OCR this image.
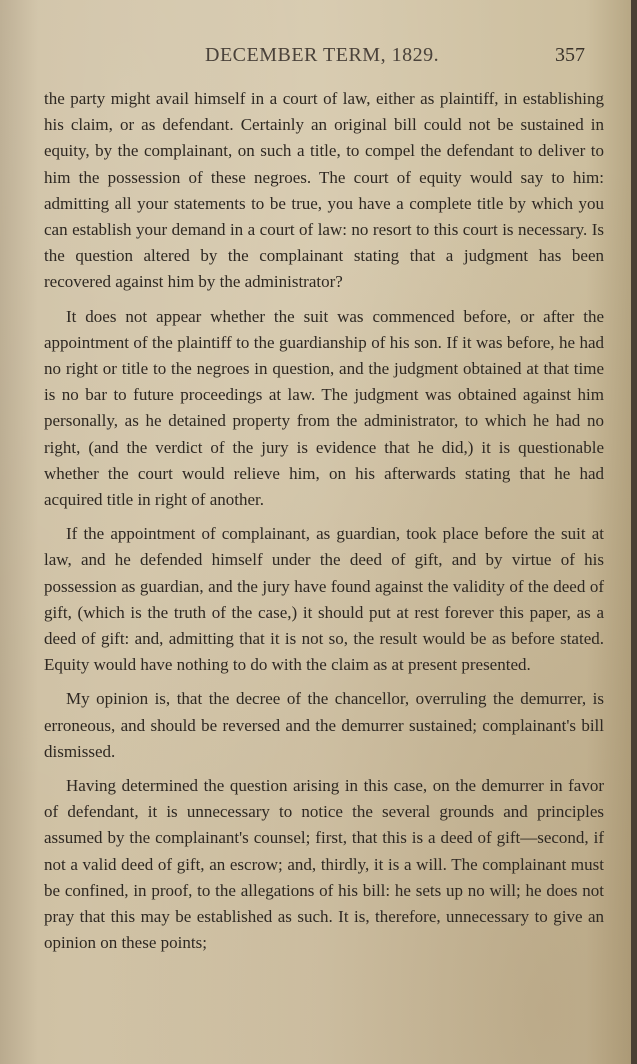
DECEMBER TERM, 1829.	357

the party might avail himself in a court of law, either as plaintiff, in establishing his claim, or as defendant. Certainly an original bill could not be sustained in equity, by the complainant, on such a title, to compel the defendant to deliver to him the possession of these negroes. The court of equity would say to him: admitting all your statements to be true, you have a complete title by which you can establish your demand in a court of law: no resort to this court is necessary. Is the question altered by the complainant stating that a judgment has been recovered against him by the administrator?

It does not appear whether the suit was commenced before, or after the appointment of the plaintiff to the guardianship of his son. If it was before, he had no right or title to the negroes in question, and the judgment obtained at that time is no bar to future proceedings at law. The judgment was obtained against him personally, as he detained property from the administrator, to which he had no right, (and the verdict of the jury is evidence that he did,) it is questionable whether the court would relieve him, on his afterwards stating that he had acquired title in right of another.

If the appointment of complainant, as guardian, took place before the suit at law, and he defended himself under the deed of gift, and by virtue of his possession as guardian, and the jury have found against the validity of the deed of gift, (which is the truth of the case,) it should put at rest forever this paper, as a deed of gift: and, admitting that it is not so, the result would be as before stated. Equity would have nothing to do with the claim as at present presented.

My opinion is, that the decree of the chancellor, overruling the demurrer, is erroneous, and should be reversed and the demurrer sustained; complainant's bill dismissed.

Having determined the question arising in this case, on the demurrer in favor of defendant, it is unnecessary to notice the several grounds and principles assumed by the complainant's counsel; first, that this is a deed of gift—second, if not a valid deed of gift, an escrow; and, thirdly, it is a will. The complainant must be confined, in proof, to the allegations of his bill: he sets up no will; he does not pray that this may be established as such. It is, therefore, unnecessary to give an opinion on these points;
